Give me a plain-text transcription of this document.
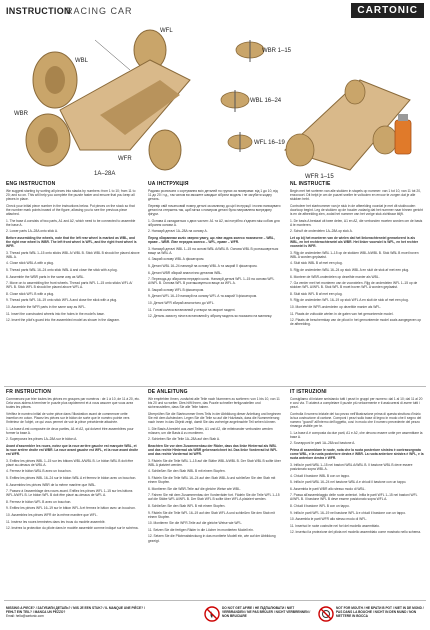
INSTRUCTION
RACING CAR	CARTONIC
WBL
WBR
WFL
WFR
1A–28A
WBR 1–15
WBL 16–24
WFL 16–19
WFR 1–15
ENG INSTRUCTION

We suggest starting by sorting all pieces into stacks by numbers: from 1 to 10; from 11 to 20; and so on. This will help you complete the puzzle faster and ensure that you keep all pieces in place.

Check your initial piece number in the instructions below. Put pieces on the stock so that the number mark points inward of the figure, allowing you to see the previous piece attached.

1. The base A consists of two parts, A1 and A2, which need to be connected to assemble the base A.

2. Lower parts 1A–28A onto stick A.

Before assembling the wheels, note that the left rear wheel is marked as WBL, and the right rear wheel is WBR. The left front wheel is WFL, and the right front wheel is WFR.

3. Thread parts WBL 1–15 onto sticks WBL A/ WBL B. Stick WBL B should be placed above WBL A.

4. Close stick WBL A with a plug.

5. Thread parts WBL 16–24 onto stick WBL A and close the stick with a plug.

6. Assemble the WBR parts in the same way as WBL.

7. Move on to assembling the front wheels. Thread parts WFL 1–15 onto sticks WFL A/ WFL B. Stick WFL B should be placed above WFL A.

8. Close stick WFL B with a plug.

9. Thread parts WFL 16–19 onto stick WFL A and close the stick with a plug.

10. Assemble the WFR parts in the same way as WFL.

11. Insert the constructed wheels into the holes in the model's base.

12. Insert the pilot's guard into the assembled model as shown in the diagram.

UA ІНСТРУКЦІЯ

Радимо розпочати з сортування всіх деталей по групах за номерами: від 1 до 10, від 11 до 20 і т.д., так чином ви зможете швидше зібрати модель і не загубити жодну деталь.

Перевір свій початковий номер деталі за малюнку до цієї інструкції і почни нанизувати деталі на стержень так, щоб мітка з номером деталі була направлена всередину фігури.

1. Основа А складається з двох частин: А1 та А2, які потрібно з'єднати між собою для зібрання основи А.

2. Нанизуй деталі 1А–28А на основу А.

Перед збиранням коліс зверни увагу, що ліве заднє колесо позначене – WBL, праве – WBR. Ліве переднє колесо – WFL, праве – WFR.

3. Нанизуй деталі WBL 1–15 на основі WBL А/WBL В. Основа WBL В розташовується вище за WBL А.

4. Закрий основу WBL А фіксатором.

5. Деталі WBL 16–24 нанизуй на основу WBL А та закрий її фіксатором.

6. Деталі WBR збирай аналогічно деталям WBL.

7. Переходь до збирання передніх коліс. Нанизуй деталі WFL 1–15 на основи WFL А/WFL В. Основа WFL В розташовується вище за WFL А.

8. Закрий основу WFL В фіксатором.

9. Деталі WFL 16–19 нанизуй на основу WFL А та закрий її фіксатором.

10. Деталі WFR збирай аналогічно до WFL.

11. Готові колеса встановлюй у отвори на звороті моделі.

12. Деталь захисту пілота встановлюй у зібрану модель як показано на малюнку.

NL INSTRUCTIE

Begin met het sorteren van alle stukken in stapels op nummer: van 1 tot 10, van 11 tot 20, enzovoort. Dit helpt je om de puzzel sneller te voltooien en ervoor te zorgen dat je alle stukken hebt.

Controleer het startnummer van je stuk in de afbeelding voordat je met dit stukhouden doorloop begint. Leg de stukken op de houder zodanig dat het nummer naar binnen gericht is en de afbeelding zien, zodat het nummer van het vorige stuk zichtbaar blijft.

1. De basis A bestaat uit twee delen, A1 en A2, die verbonden moeten worden om de basis A te monteren.

2. Schuif de onderdelen 1A–28A op stok A.

Let op bij het monteren van de wielen dat het linkerachterwiel gemarkeerd is als WBL, en het rechterachterwiel als WBR. Het linker voorwiel is WFL, en het rechter voorwiel is WFR.

3. Rijg de onderdelen WBL 1–15 op de stokken WBL A/WBL B. Stok WBL B moet boven WBL A worden geplaatst.

4. Sluit stok WBL B af met een plug.

5. Rijg de onderdelen WBL 16–24 op stok WBL A en sluit de stok af met een plug.

6. Monteer de WBR-onderdelen op dezelfde manier als WBL.

7. Ga verder met het monteren van de voorwielen. Rijg de onderdelen WFL 1–15 op de stokken WFL A/WFL B. Stok WFL B moet boven WFL A worden geplaatst.

8. Sluit stok WFL B af met een plug.

9. Rijg de onderdelen WFL 16–19 op stok WFL A en sluit de stok af met een plug.

10. Monteer de WFR-onderdelen op dezelfde manier als WFL.

11. Plaats de voltooide wielen in de gaten van het gemonteerde model.

12. Plaats de beschermkap van de piloot in het gemonteerde model zoals aangegeven op de afbeelding.

FR INSTRUCTION

Commencez par trier toutes les pièces en groupes par numéros : de 1 à 10, de 11 à 20, etc. Cela vous aidera à terminer le puzzle plus rapidement et à vous assurer que vous avez toutes les pièces.

Vérifiez le numéro initial de votre pièce dans l'illustration avant de commencer cette insertion en coton. Placez les pièces sur le bâton de sorte que le numéro pointe vers l'intérieur de l'objet, ce qui vous permet de voir la pièce précédente attachée.

1. La base A est composée de deux parties, A1 et A2, qui doivent être assemblées pour former la base A.

2. Superposez les pièces 1A–28A sur le bâton A.

Avant d'assembler les roues, notez que la roue arrière gauche est marquée WBL, et la roue arrière droite est WBR. La roue avant gauche est WFL, et la roue avant droite est WFR.

3. Enfilez les pièces WBL 1–15 sur les bâtons WBL A/WBL B. Le bâton WBL B doit être placé au-dessus de WBL A.

4. Fermez le bâton WBL B avec un bouchon.

5. Enfilez les pièces WBL 16–24 sur le bâton WBL A et fermez le bâton avec un bouchon.

6. Assemblez les pièces WBR de la même manière que WBL.

7. Passez à l'assemblage des roues avant. Enfilez les pièces WFL 1–15 sur les bâtons WFL A/WFL B. Le bâton WFL B doit être placé au-dessus de WFL A.

8. Fermez le bâton WFL B avec un bouchon.

9. Enfilez les pièces WFL 16–19 sur le bâton WFL A et fermez le bâton avec un bouchon.

10. Assemblez les pièces WFR de la même manière que WFL.

11. Insérez les roues terminées dans les trous du modèle assemblé.

12. Insérez la protection du pilote dans le modèle assemblé comme indiqué sur le schéma.

DE ANLEITUNG

Wir empfehlen Ihnen, zunächst alle Teile nach Nummern zu sortieren: von 1 bis 10, von 11 bis 20 und so weiter. Dies hilft Ihnen, das Puzzle schneller fertigzustellen und sicherzustellen, dass Sie alle Teile haben.

Überprüfen Sie die Startnummer Ihres Teils in der Abbildung dieser Anleitung und beginnen Sie mit dem Aufstecken. Legen Sie die Teile so auf die Holzbasis, dass die Nummerierung nach innen in das Objekt zeigt, damit Sie das vorherige angebrachte Teil sehen können.

1. Die Basis A besteht aus zwei Teilen, A1 und A2, die miteinander verbunden werden müssen, um die Basis A zu montieren.

2. Schieben Sie die Teile 1A–28A auf den Stab A.

Beachten Sie vor dem Zusammenbau der Räder, dass das linke Hinterrad als WBL und das rechte Hinterrad als WBR gekennzeichnet ist. Das linke Vorderrad ist WFL und das rechte Vorderrad ist WFR.

3. Fädeln Sie die Teile WBL 1–15 auf die Stäbe WBL A/WBL B. Der Stab WBL B sollte über WBL A platziert werden.

4. Schließen Sie den Stab WBL B mit einem Stopfen.

5. Fädeln Sie die Teile WBL 16–24 auf den Stab WBL A und schließen Sie den Stab mit einem Stopfen.

6. Montieren Sie die WBR-Teile auf die gleiche Weise wie WBL.

7. Fahren Sie mit dem Zusammenbau der Vorderräder fort. Fädeln Sie die Teile WFL 1–15 auf die Stäbe WFL A/WFL B. Der Stab WFL B sollte über WFL A platziert werden.

8. Schließen Sie den Stab WFL B mit einem Stopfen.

9. Fädeln Sie die Teile WFL 16–19 auf den Stab WFL A und schließen Sie den Stab mit einem Stopfen.

10. Montieren Sie die WFR-Teile auf die gleiche Weise wie WFL.

11. Setzen Sie die fertigen Räder in die Löcher im montierten Modell ein.

12. Setzen Sie die Pilotenabdeckung in das montierte Modell ein, wie auf der Abbildung gezeigt.

IT ISTRUZIONI

Consigliamo di iniziare smistando tutti i pezzi in gruppi per numero: dal 1 al 10; dal 11 al 20 e così via. Ti aiuterà a completare il puzzle più velocemente e ti assicurerai di avere tutti i pezzi.

Controlla il numero iniziale del tuo pezzo nell'illustrazione prima di questa struttura d'inizio la tua costruzione di cartone. Componi i pezzi sullo base di legno in modo che il segno del numero "guardi" all'interno dell'oggetto, così in modo che il numero precedente del pezzo rimanga visibile per te.

1. La base A è composta da due parti, A1 e A2, che devono essere unite per assemblare la base A.

2. Sovrapponi le parti 1A–28A sul bastone A.

Prima di assemblare le ruote, nota che la ruota posteriore sinistra è contrassegnata come WBL, e la ruota posteriore destra è WBR. La ruota anteriore sinistra è WFL, e la ruota anteriore destra è WFR.

3. Infila le parti WBL 1–15 nei bastoni WBL A/WBL B. Il bastone WBL B deve essere posizionato sopra WBL A.

4. Chiudi il bastone WBL B con un tappo.

5. Infila le parti WBL 16–24 nel bastone WBL A e chiudi il bastone con un tappo.

6. Assembla le parti WBR allo stesso modo di WBL.

7. Passa all'assemblaggio delle ruote anteriori. Infila le parti WFL 1–15 nei bastoni WFL A/WFL B. Il bastone WFL B deve essere posizionato sopra WFL A.

8. Chiudi il bastone WFL B con un tappo.

9. Infila le parti WFL 16–19 nel bastone WFL A e chiudi il bastone con un tappo.

10. Assembla le parti WFR allo stesso modo di WFL.

11. Inserisci le ruote costruite nei fori del modello assemblato.

12. Inserisci la protezione del pilota nel modello assemblato come mostrato nello schema.

MISSING A PIECE? / ЗАГУБИЛИ ДЕТАЛЬ? / MIS JE EEN STUK? / IL MANQUE UNE PIÈCE? / FEHLT EIN TEIL? / MANCA UN PEZZO?
Email: hello@cartonic.com
DO NOT GET AFIRE / НЕ ПІДПАЛЮВАТИ / NIET VERBRANDEN / NE PAS BRÛLER / NICHT VERBRENNEN / NON BRUCIARE
NOT FOR MOUTH / НЕ БРАТИ В РОТ / NIET IN DE MOND / PAS DANS LA BOUCHE / NICHT IN DEN MUND / NON METTERE IN BOCCA
